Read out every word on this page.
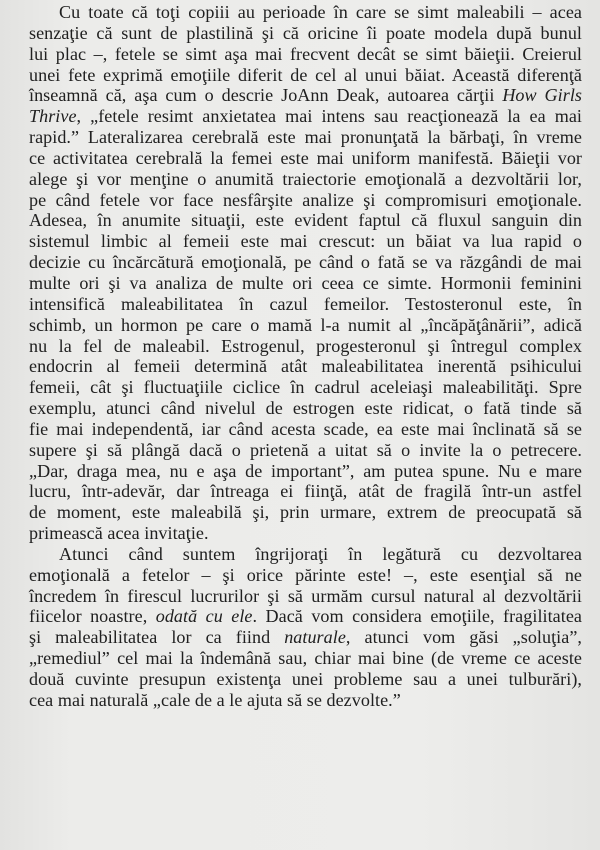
Cu toate că toţi copiii au perioade în care se simt maleabili – acea
senzaţie că sunt de plastilină şi că oricine îi poate modela după bunul
lui plac –, fetele se simt aşa mai frecvent decât se simt băieţii. Creierul
unei fete exprimă emoţiile diferit de cel al unui băiat. Această diferenţă
înseamnă că, aşa cum o descrie JoAnn Deak, autoarea cărţii How Girls
Thrive, „fetele resimt anxietatea mai intens sau reacţionează la ea mai
rapid.” Lateralizarea cerebrală este mai pronunţată la bărbaţi, în vreme
ce activitatea cerebrală la femei este mai uniform manifestă. Băieţii vor
alege şi vor menţine o anumită traiectorie emoţională a dezvoltării lor,
pe când fetele vor face nesfârşite analize şi compromisuri emoţionale.
Adesea, în anumite situaţii, este evident faptul că fluxul sanguin din
sistemul limbic al femeii este mai crescut: un băiat va lua rapid o
decizie cu încărcătură emoţională, pe când o fată se va răzgândi de mai
multe ori şi va analiza de multe ori ceea ce simte. Hormonii feminini
intensifică maleabilitatea în cazul femeilor. Testosteronul este, în
schimb, un hormon pe care o mamă l-a numit al „încăpăţânării”, adică
nu la fel de maleabil. Estrogenul, progesteronul şi întregul complex
endocrin al femeii determină atât maleabilitatea inerentă psihicului
femeii, cât şi fluctuaţiile ciclice în cadrul aceleiaşi maleabilităţi. Spre
exemplu, atunci când nivelul de estrogen este ridicat, o fată tinde să
fie mai independentă, iar când acesta scade, ea este mai înclinată să se
supere şi să plângă dacă o prietenă a uitat să o invite la o petrecere.
„Dar, draga mea, nu e aşa de important”, am putea spune. Nu e mare
lucru, într-adevăr, dar întreaga ei fiinţă, atât de fragilă într-un astfel
de moment, este maleabilă şi, prin urmare, extrem de preocupată să
primească acea invitaţie.
Atunci când suntem îngrijoraţi în legătură cu dezvoltarea
emoţională a fetelor – şi orice părinte este! –, este esenţial să ne
încredem în firescul lucrurilor şi să urmăm cursul natural al dezvoltării
fiicelor noastre, odată cu ele. Dacă vom considera emoţiile, fragilitatea
şi maleabilitatea lor ca fiind naturale, atunci vom găsi „soluţia”,
„remediul” cel mai la îndemână sau, chiar mai bine (de vreme ce aceste
două cuvinte presupun existenţa unei probleme sau a unei tulburări),
cea mai naturală „cale de a le ajuta să se dezvolte.”
